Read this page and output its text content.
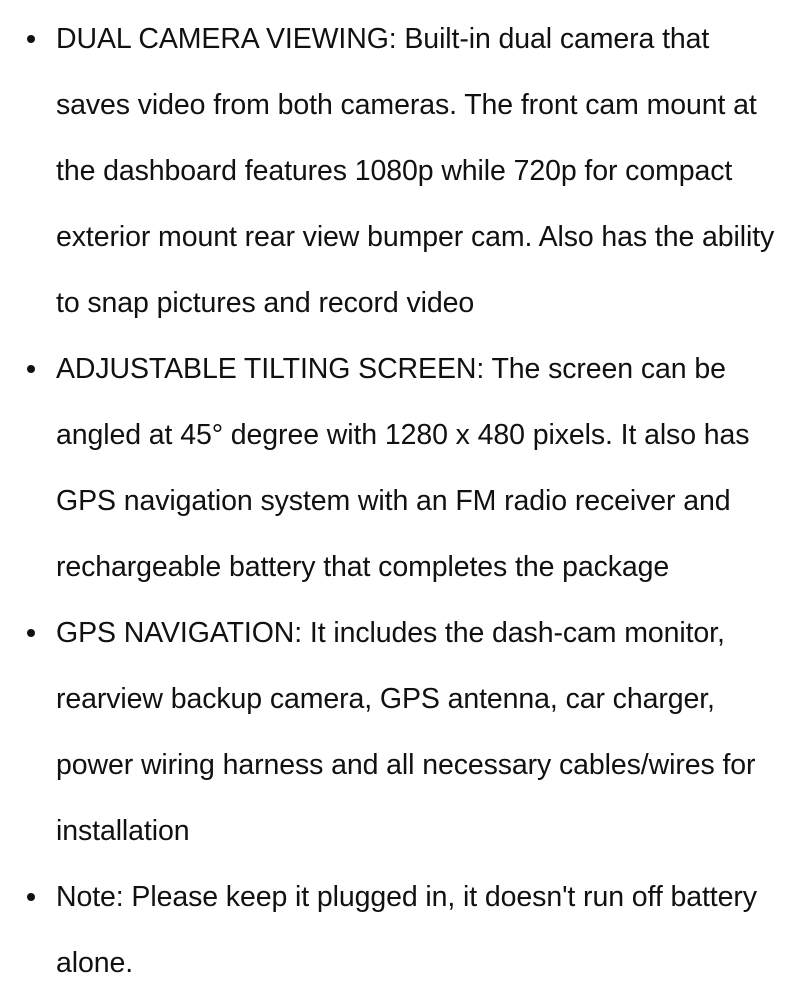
DUAL CAMERA VIEWING: Built-in dual camera that saves video from both cameras. The front cam mount at the dashboard features 1080p while 720p for compact exterior mount rear view bumper cam. Also has the ability to snap pictures and record video
ADJUSTABLE TILTING SCREEN: The screen can be angled at 45° degree with 1280 x 480 pixels. It also has GPS navigation system with an FM radio receiver and rechargeable battery that completes the package
GPS NAVIGATION: It includes the dash-cam monitor, rearview backup camera, GPS antenna, car charger, power wiring harness and all necessary cables/wires for installation
Note: Please keep it plugged in, it doesn't run off battery alone.
